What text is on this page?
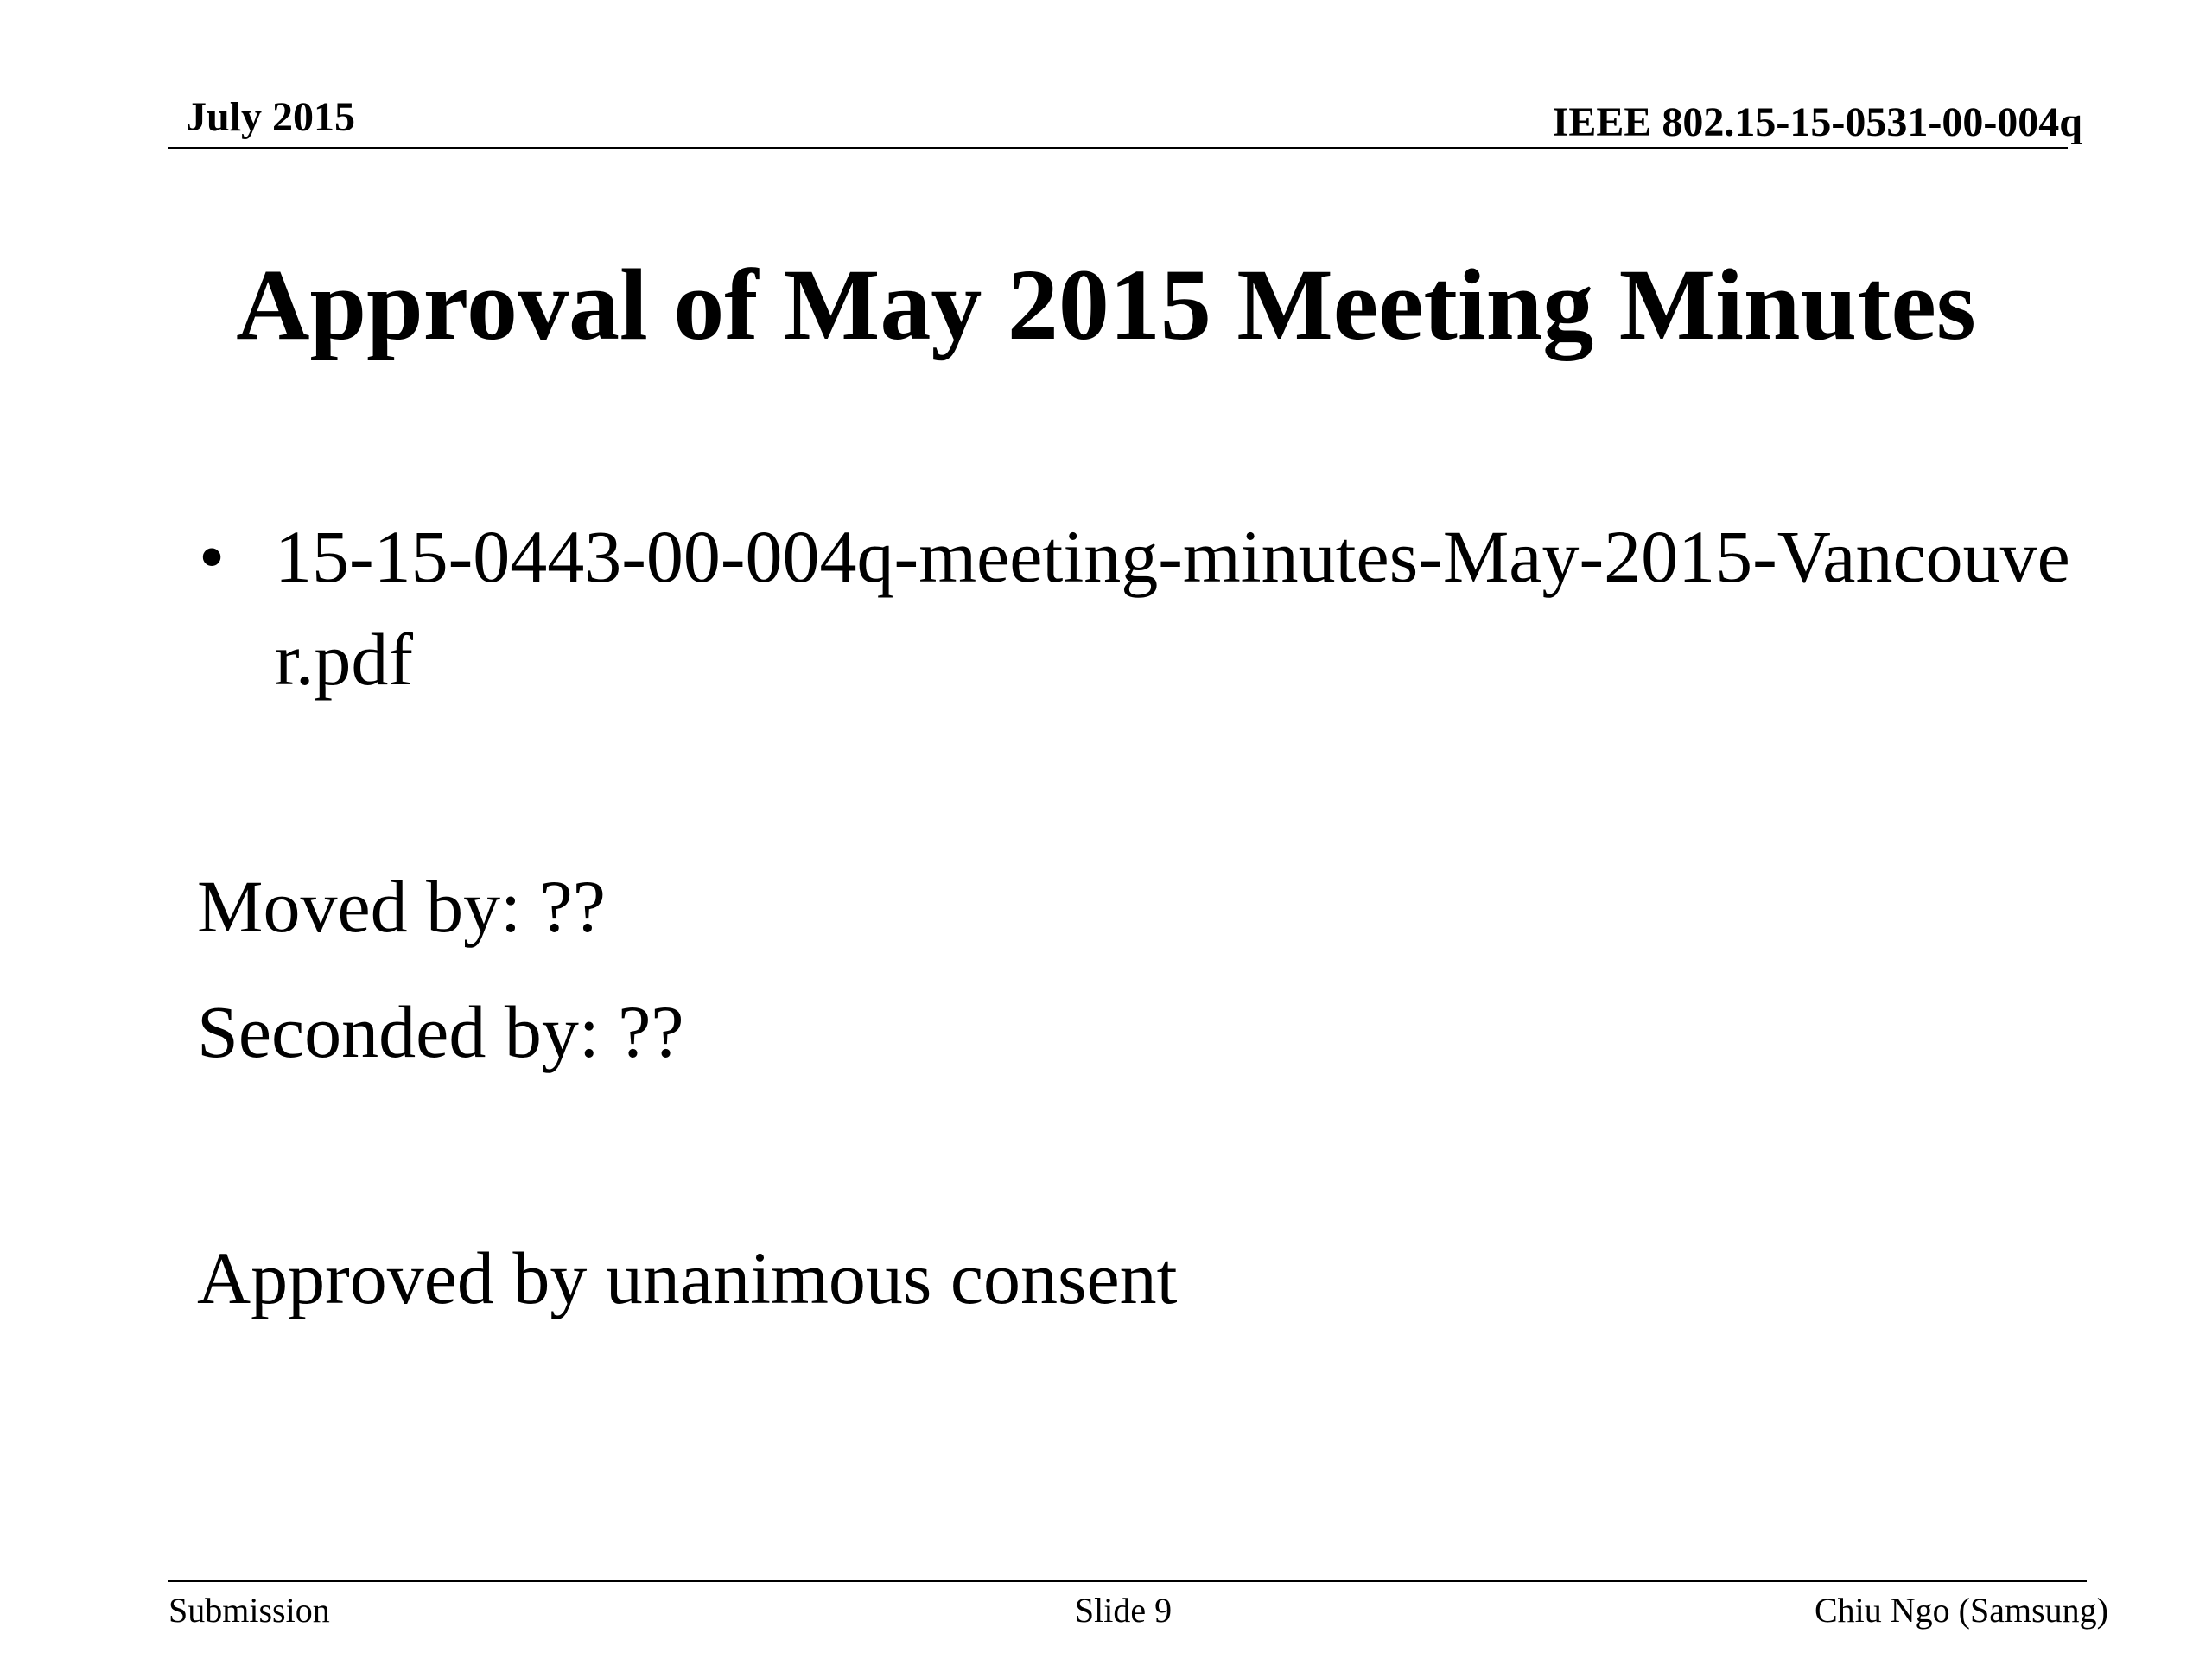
July 2015	IEEE 802.15-15-0531-00-004q
Approval of May 2015 Meeting Minutes
• 15-15-0443-00-004q-meeting-minutes-May-2015-Vancouver.pdf
Moved by: ??
Seconded by: ??
Approved by unanimous consent
Submission	Slide 9	Chiu Ngo (Samsung)
